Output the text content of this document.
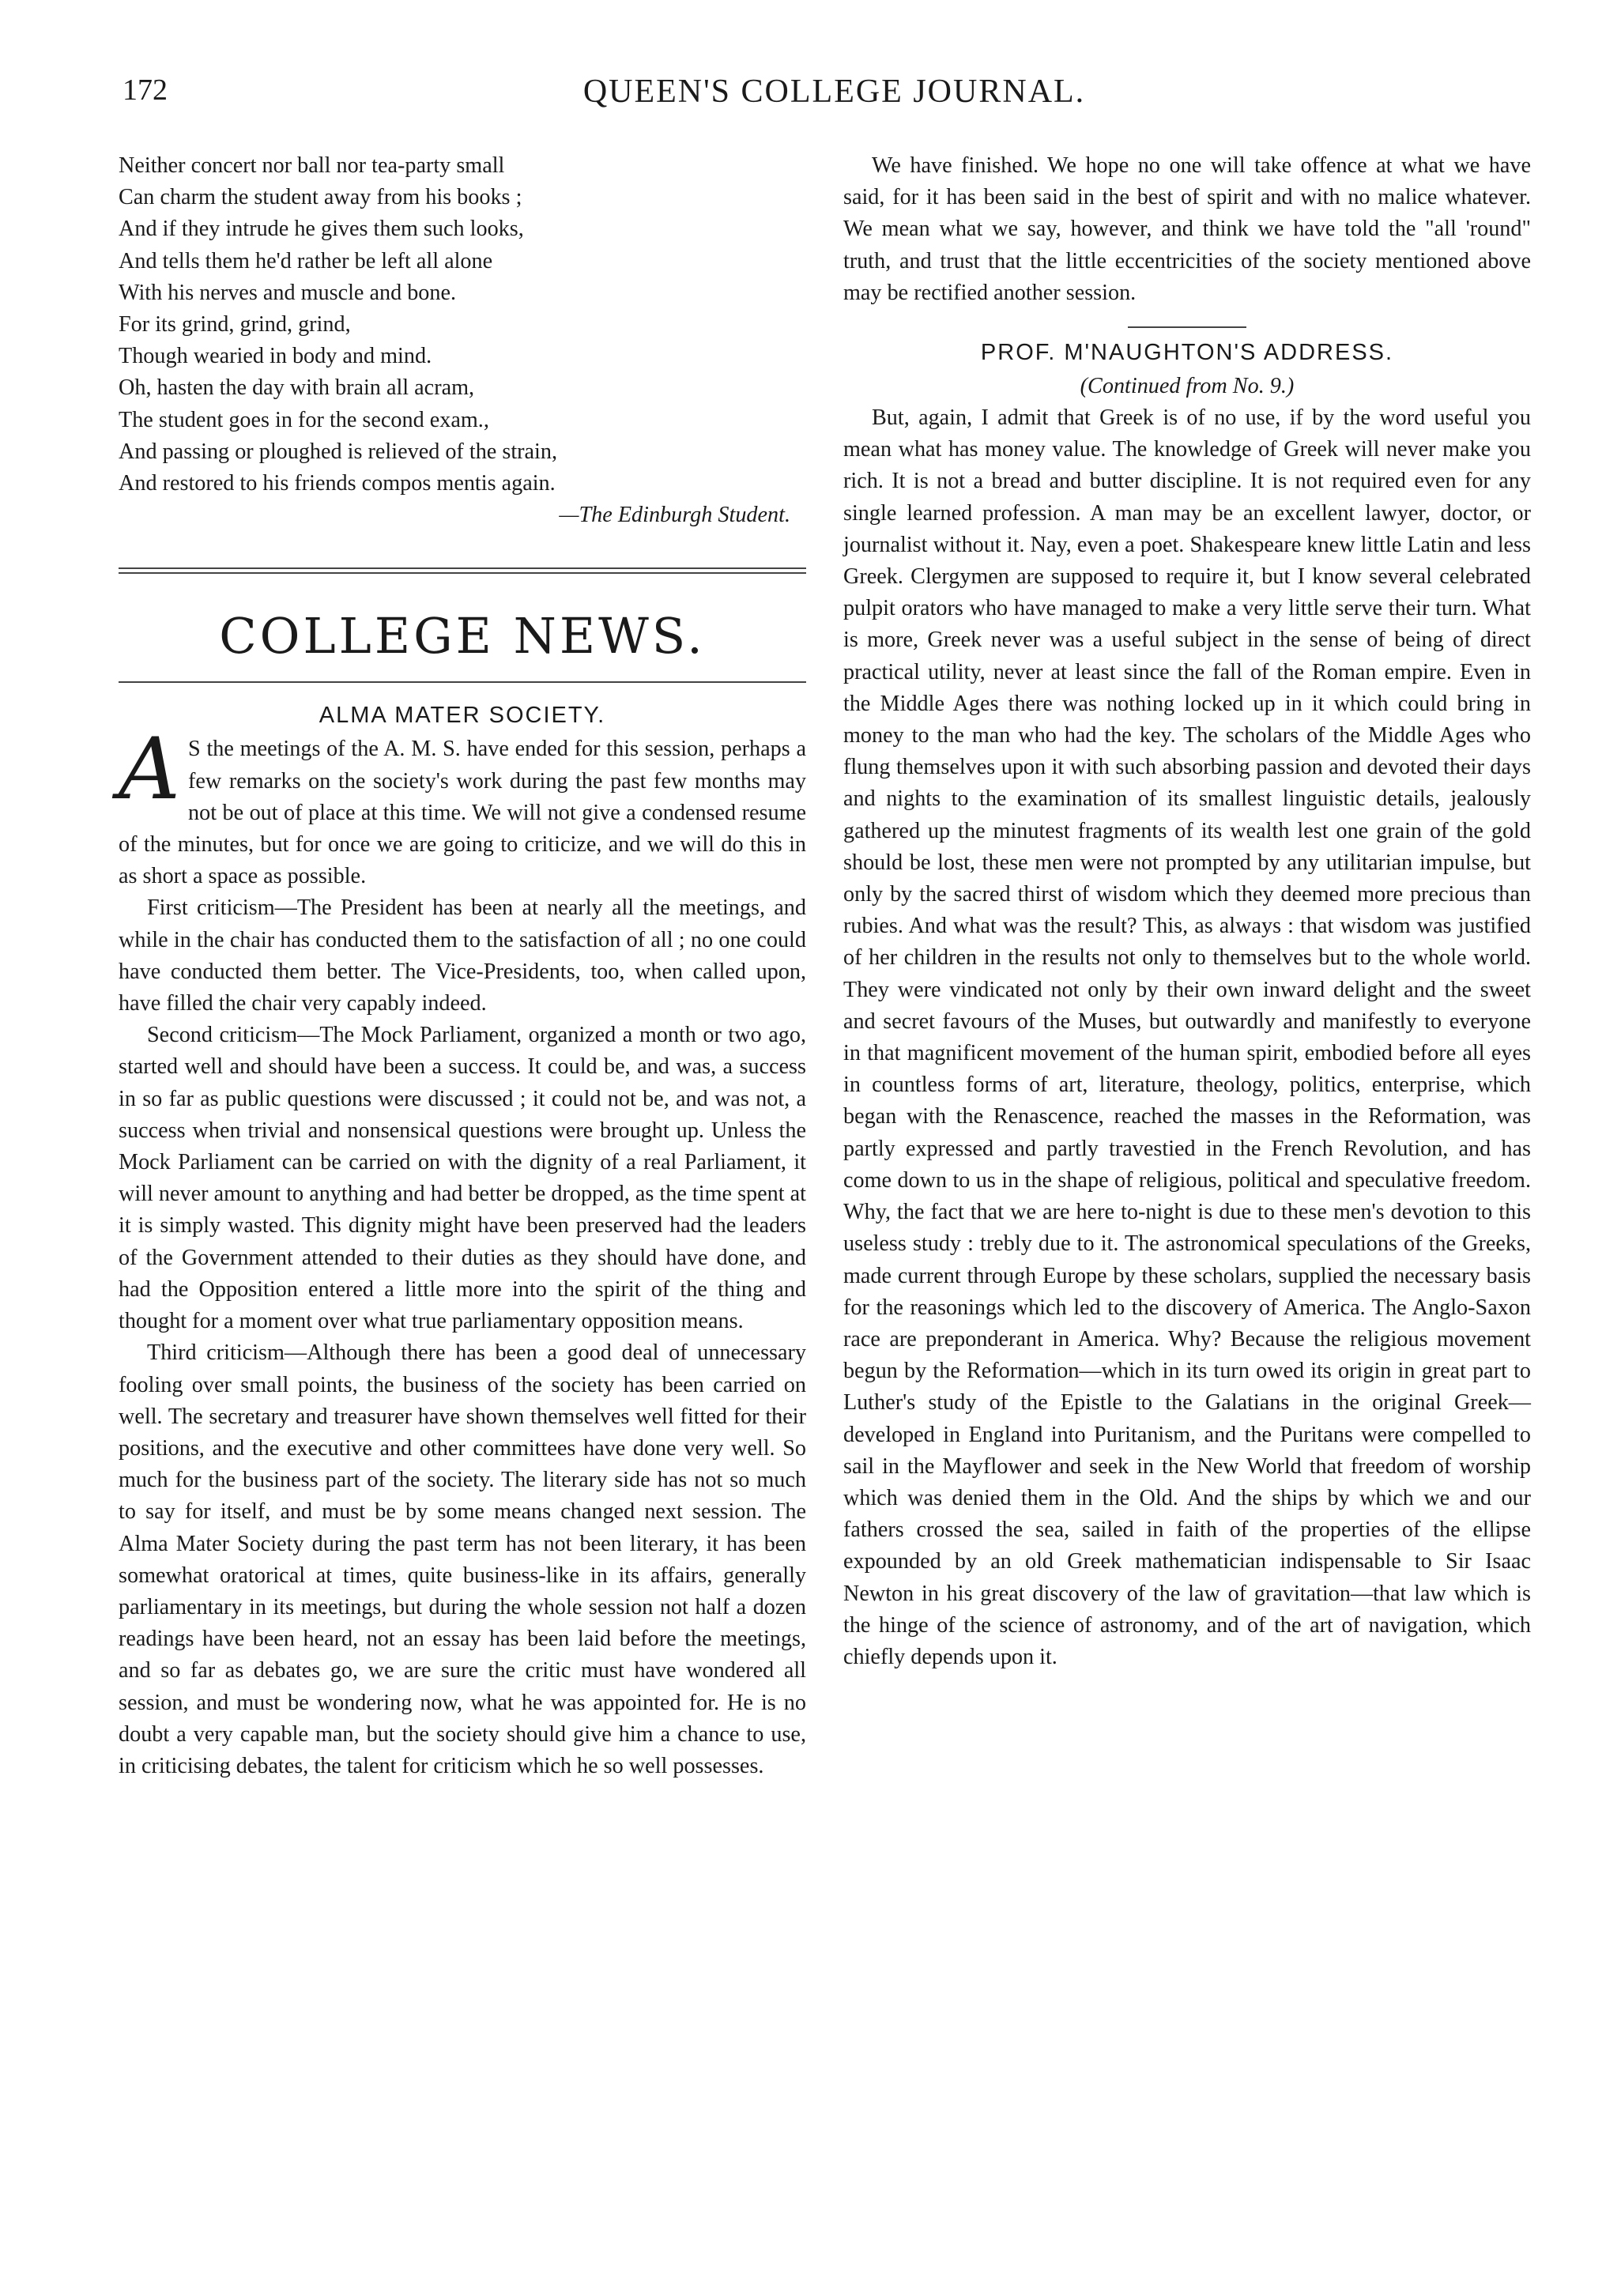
QUEEN'S COLLEGE JOURNAL.
172
Neither concert nor ball nor tea-party small
Can charm the student away from his books ;
And if they intrude he gives them such looks,
And tells them he'd rather be left all alone
With his nerves and muscle and bone.
For its grind, grind, grind,
Though wearied in body and mind.
Oh, hasten the day with brain all acram,
The student goes in for the second exam.,
And passing or ploughed is relieved of the strain,
And restored to his friends compos mentis again.
—The Edinburgh Student.
COLLEGE NEWS.
ALMA MATER SOCIETY.

A S the meetings of the A. M. S. have ended for this session, perhaps a few remarks on the society's work during the past few months may not be out of place at this time. We will not give a condensed resume of the minutes, but for once we are going to criticize, and we will do this in as short a space as possible.

First criticism—The President has been at nearly all the meetings, and while in the chair has conducted them to the satisfaction of all ; no one could have conducted them better. The Vice-Presidents, too, when called upon, have filled the chair very capably indeed.

Second criticism—The Mock Parliament, organized a month or two ago, started well and should have been a success. It could be, and was, a success in so far as public questions were discussed ; it could not be, and was not, a success when trivial and nonsensical questions were brought up. Unless the Mock Parliament can be carried on with the dignity of a real Parliament, it will never amount to anything and had better be dropped, as the time spent at it is simply wasted. This dignity might have been preserved had the leaders of the Government attended to their duties as they should have done, and had the Opposition entered a little more into the spirit of the thing and thought for a moment over what true parliamentary opposition means.

Third criticism—Although there has been a good deal of unnecessary fooling over small points, the business of the society has been carried on well. The secretary and treasurer have shown themselves well fitted for their positions, and the executive and other committees have done very well. So much for the business part of the society. The literary side has not so much to say for itself, and must be by some means changed next session. The Alma Mater Society during the past term has not been literary, it has been somewhat oratorical at times, quite business-like in its affairs, generally parliamentary in its meetings, but during the whole session not half a dozen readings have been heard, not an essay has been laid before the meetings, and so far as debates go, we are sure the critic must have wondered all session, and must be wondering now, what he was appointed for. He is no doubt a very capable man, but the society should give him a chance to use, in criticising debates, the talent for criticism which he so well possesses.

We have finished. We hope no one will take offence at what we have said, for it has been said in the best of spirit and with no malice whatever. We mean what we say, however, and think we have told the "all 'round" truth, and trust that the little eccentricities of the society mentioned above may be rectified another session.

PROF. M'NAUGHTON'S ADDRESS.
(Continued from No. 9.)

But, again, I admit that Greek is of no use, if by the word useful you mean what has money value. The knowledge of Greek will never make you rich. It is not a bread and butter discipline. It is not required even for any single learned profession. A man may be an excellent lawyer, doctor, or journalist without it. Nay, even a poet. Shakespeare knew little Latin and less Greek. Clergymen are supposed to require it, but I know several celebrated pulpit orators who have managed to make a very little serve their turn. What is more, Greek never was a useful subject in the sense of being of direct practical utility, never at least since the fall of the Roman empire. Even in the Middle Ages there was nothing locked up in it which could bring in money to the man who had the key. The scholars of the Middle Ages who flung themselves upon it with such absorbing passion and devoted their days and nights to the examination of its smallest linguistic details, jealously gathered up the minutest fragments of its wealth lest one grain of the gold should be lost, these men were not prompted by any utilitarian impulse, but only by the sacred thirst of wisdom which they deemed more precious than rubies. And what was the result? This, as always : that wisdom was justified of her children in the results not only to themselves but to the whole world. They were vindicated not only by their own inward delight and the sweet and secret favours of the Muses, but outwardly and manifestly to everyone in that magnificent movement of the human spirit, embodied before all eyes in countless forms of art, literature, theology, politics, enterprise, which began with the Renascence, reached the masses in the Reformation, was partly expressed and partly travestied in the French Revolution, and has come down to us in the shape of religious, political and speculative freedom. Why, the fact that we are here to-night is due to these men's devotion to this useless study : trebly due to it. The astronomical speculations of the Greeks, made current through Europe by these scholars, supplied the necessary basis for the reasonings which led to the discovery of America. The Anglo-Saxon race are preponderant in America. Why? Because the religious movement begun by the Reformation—which in its turn owed its origin in great part to Luther's study of the Epistle to the Galatians in the original Greek—developed in England into Puritanism, and the Puritans were compelled to sail in the Mayflower and seek in the New World that freedom of worship which was denied them in the Old. And the ships by which we and our fathers crossed the sea, sailed in faith of the properties of the ellipse expounded by an old Greek mathematician indispensable to Sir Isaac Newton in his great discovery of the law of gravitation—that law which is the hinge of the science of astronomy, and of the art of navigation, which chiefly depends upon it.
